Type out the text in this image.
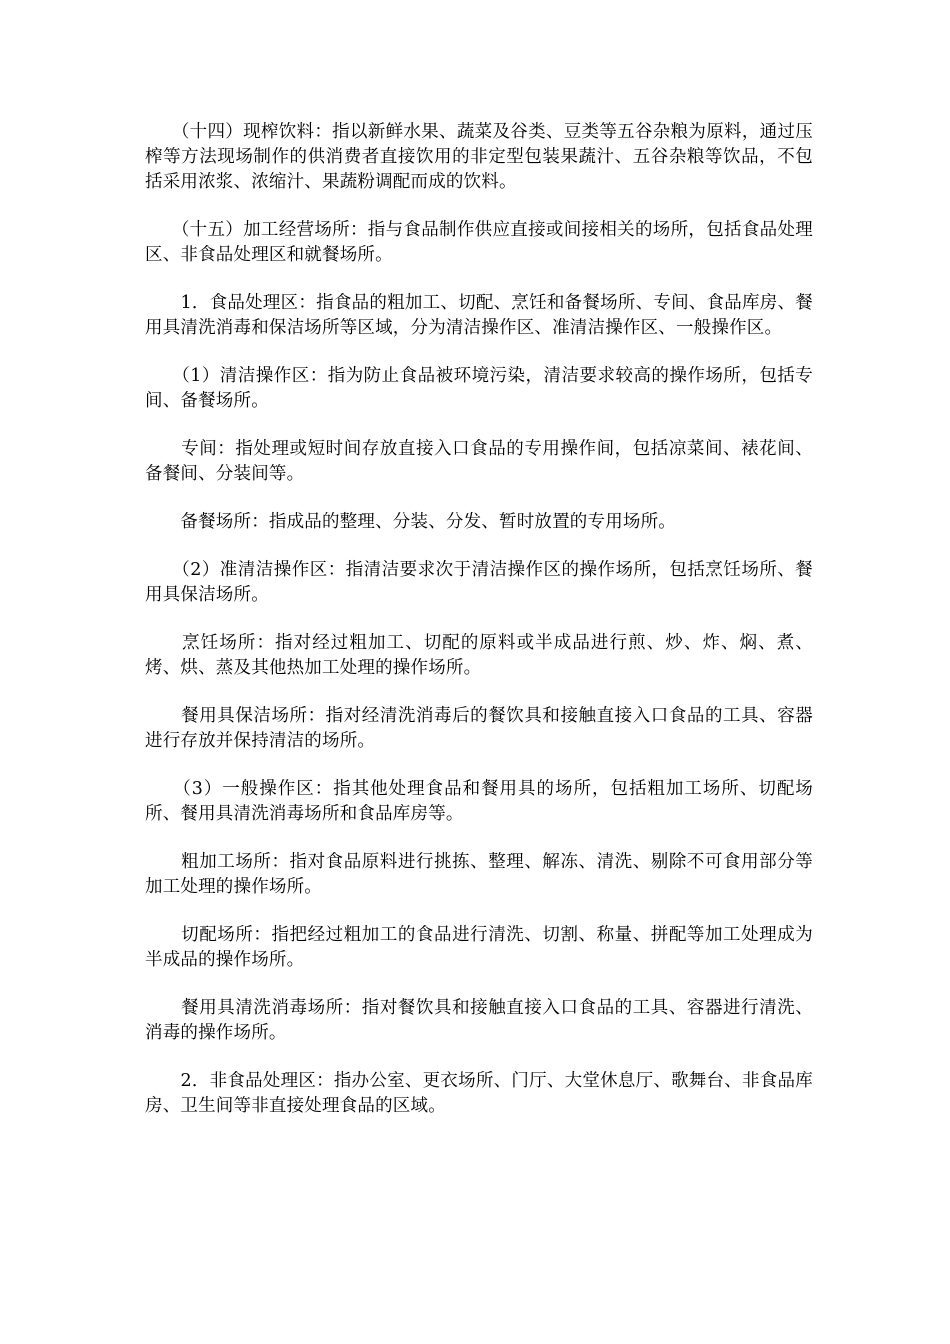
　　（十四）现榨饮料：指以新鲜水果、蔬菜及谷类、豆类等五谷杂粮为原料，通过压榨等方法现场制作的供消费者直接饮用的非定型包装果蔬汁、五谷杂粮等饮品，不包括采用浓浆、浓缩汁、果蔬粉调配而成的饮料。

　　（十五）加工经营场所：指与食品制作供应直接或间接相关的场所，包括食品处理区、非食品处理区和就餐场所。

　　1．食品处理区：指食品的粗加工、切配、烹饪和备餐场所、专间、食品库房、餐用具清洗消毒和保洁场所等区域，分为清洁操作区、准清洁操作区、一般操作区。

　　（1）清洁操作区：指为防止食品被环境污染，清洁要求较高的操作场所，包括专间、备餐场所。

　　专间：指处理或短时间存放直接入口食品的专用操作间，包括凉菜间、裱花间、备餐间、分装间等。

　　备餐场所：指成品的整理、分装、分发、暂时放置的专用场所。

　　（2）准清洁操作区：指清洁要求次于清洁操作区的操作场所，包括烹饪场所、餐用具保洁场所。

　　烹饪场所：指对经过粗加工、切配的原料或半成品进行煎、炒、炸、焖、煮、烤、烘、蒸及其他热加工处理的操作场所。

　　餐用具保洁场所：指对经清洗消毒后的餐饮具和接触直接入口食品的工具、容器进行存放并保持清洁的场所。

　　（3）一般操作区：指其他处理食品和餐用具的场所，包括粗加工场所、切配场所、餐用具清洗消毒场所和食品库房等。

　　粗加工场所：指对食品原料进行挑拣、整理、解冻、清洗、剔除不可食用部分等加工处理的操作场所。

　　切配场所：指把经过粗加工的食品进行清洗、切割、称量、拼配等加工处理成为半成品的操作场所。

　　餐用具清洗消毒场所：指对餐饮具和接触直接入口食品的工具、容器进行清洗、消毒的操作场所。

　　2．非食品处理区：指办公室、更衣场所、门厅、大堂休息厅、歌舞台、非食品库房、卫生间等非直接处理食品的区域。
